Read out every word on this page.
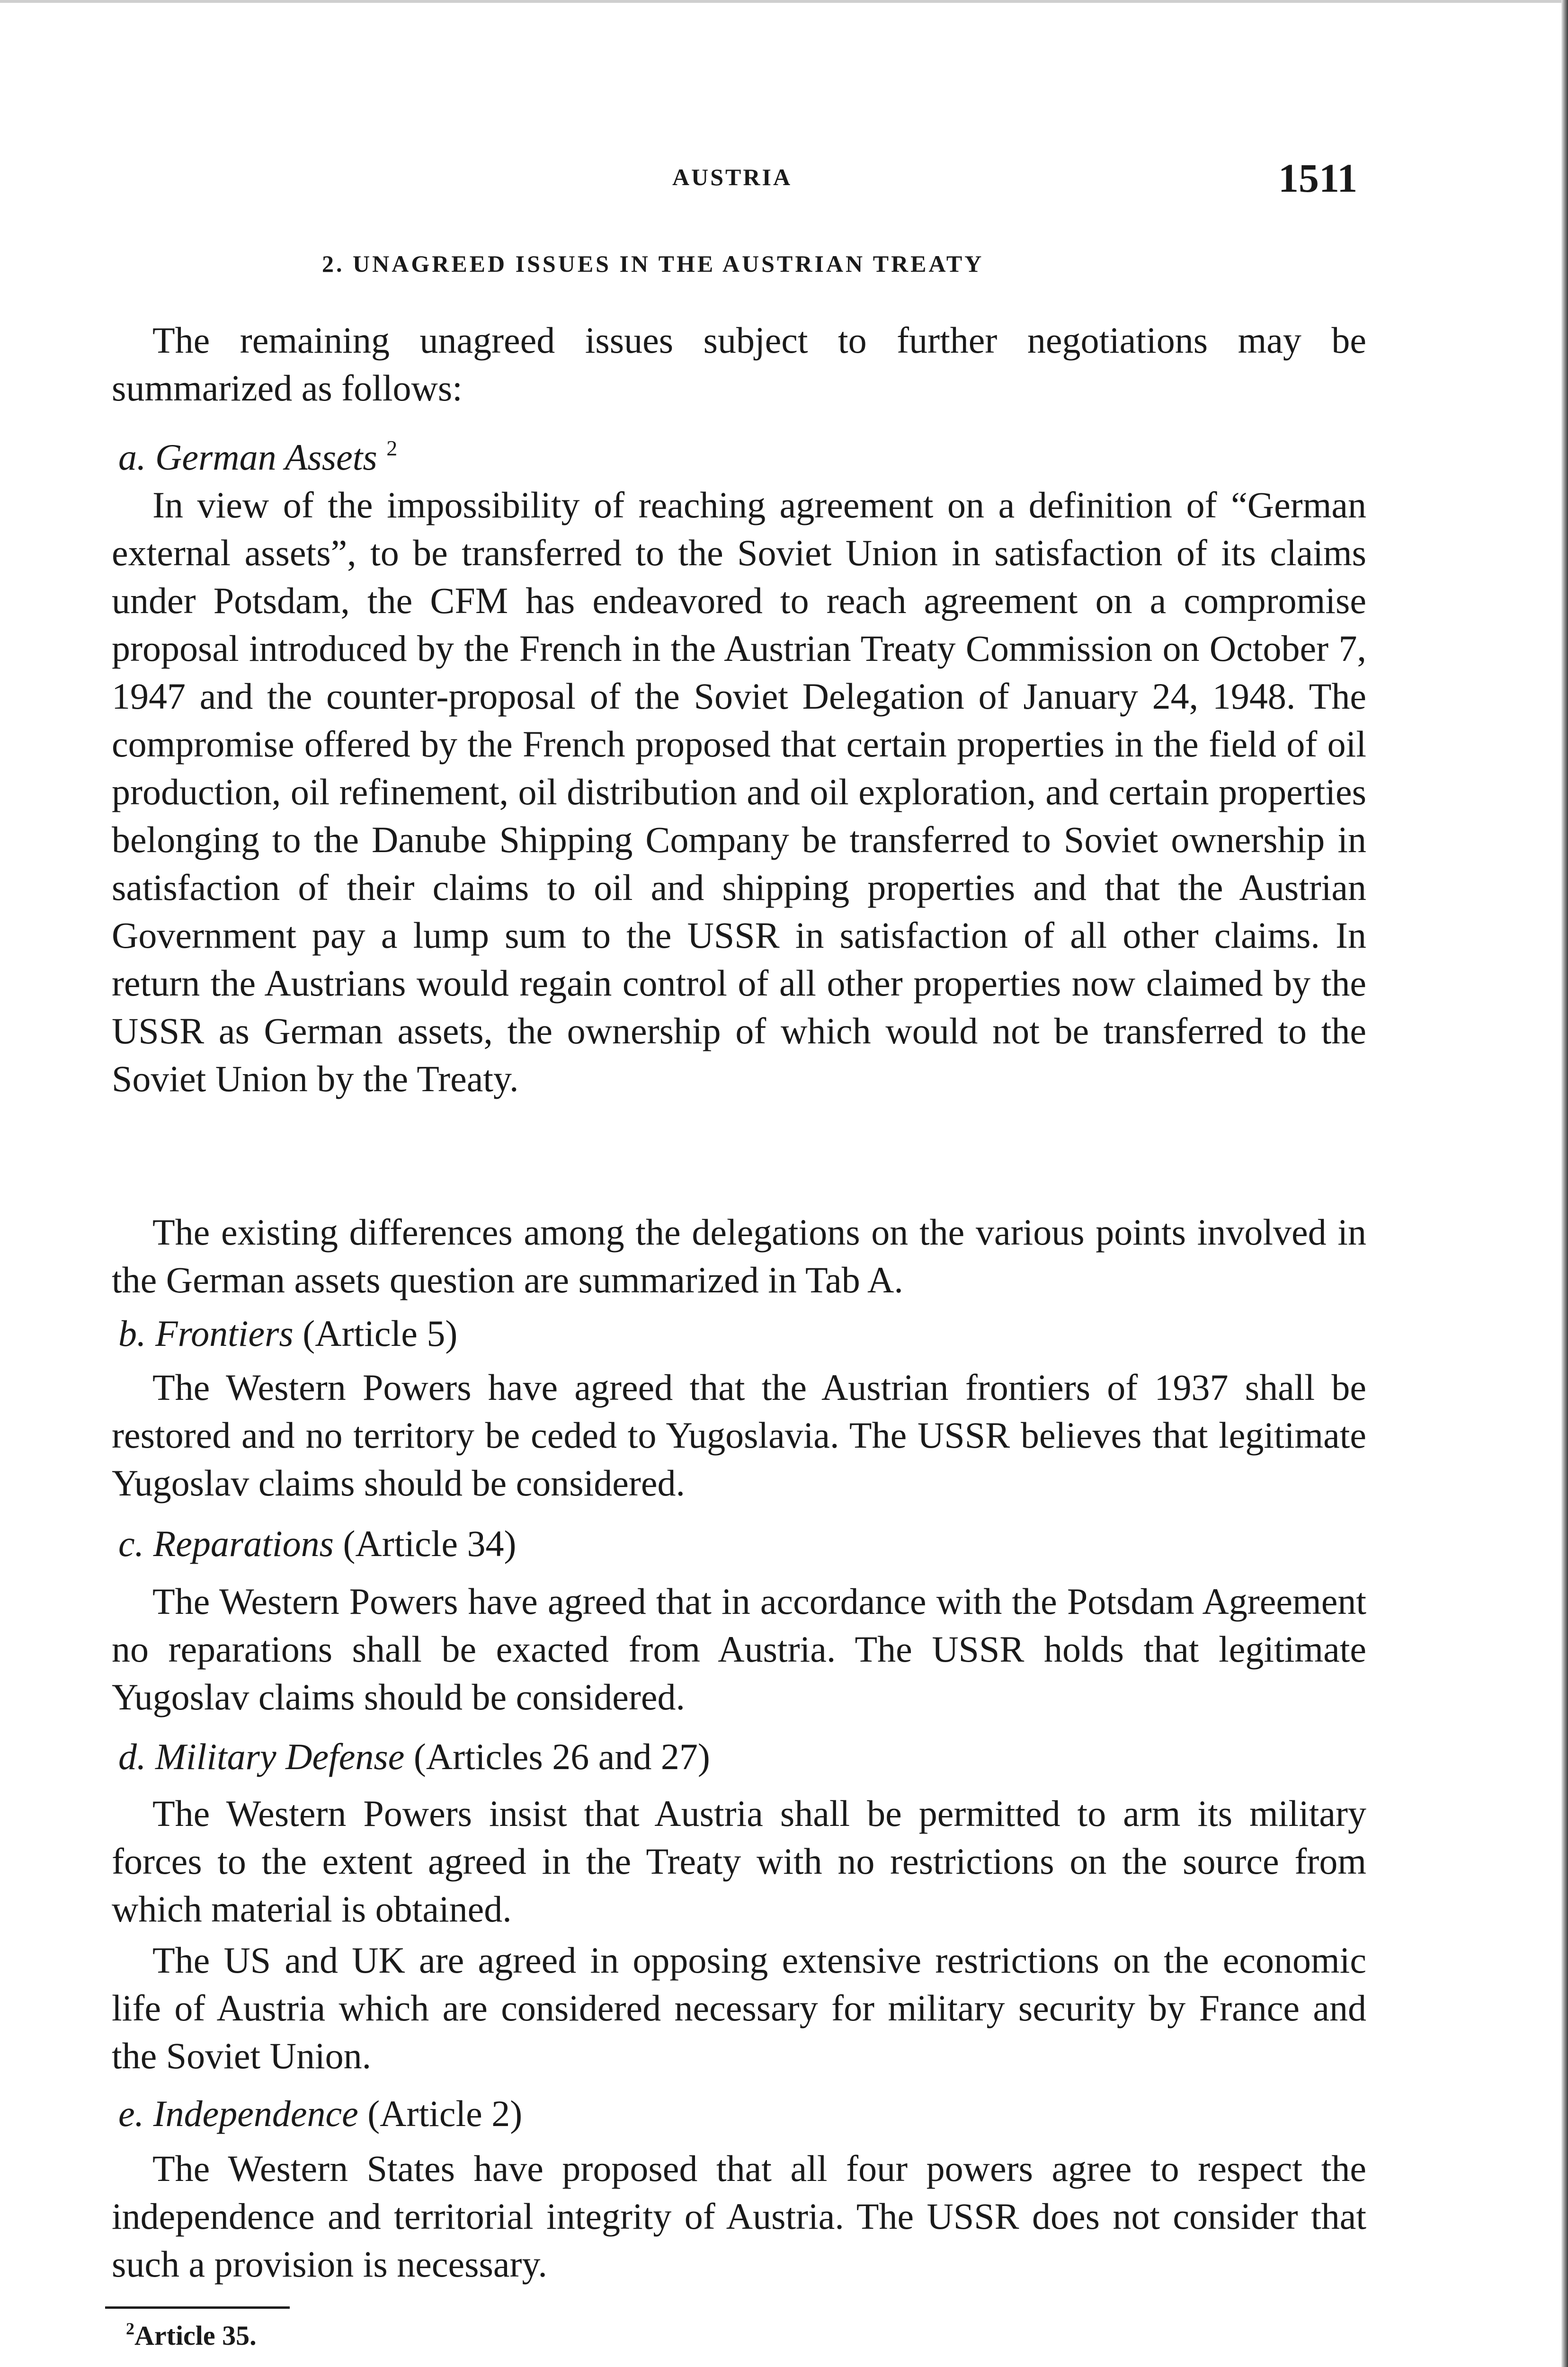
AUSTRIA	1511
2. UNAGREED ISSUES IN THE AUSTRIAN TREATY

The remaining unagreed issues subject to further negotiations may be summarized as follows:

a. German Assets $^2$

In view of the impossibility of reaching agreement on a definition of “German external assets”, to be transferred to the Soviet Union in satisfaction of its claims under Potsdam, the CFM has endeavored to reach agreement on a compromise proposal introduced by the French in the Austrian Treaty Commission on October 7, 1947 and the counter-proposal of the Soviet Delegation of January 24, 1948. The compromise offered by the French proposed that certain properties in the field of oil production, oil refinement, oil distribution and oil exploration, and certain properties belonging to the Danube Shipping Company be transferred to Soviet ownership in satisfaction of their claims to oil and shipping properties and that the Austrian Government pay a lump sum to the USSR in satisfaction of all other claims. In return the Austrians would regain control of all other properties now claimed by the USSR as German assets, the ownership of which would not be transferred to the Soviet Union by the Treaty.

The existing differences among the delegations on the various points involved in the German assets question are summarized in Tab A.

b. Frontiers (Article 5)

The Western Powers have agreed that the Austrian frontiers of 1937 shall be restored and no territory be ceded to Yugoslavia. The USSR believes that legitimate Yugoslav claims should be considered.

c. Reparations (Article 34)

The Western Powers have agreed that in accordance with the Potsdam Agreement no reparations shall be exacted from Austria. The USSR holds that legitimate Yugoslav claims should be considered.

d. Military Defense (Articles 26 and 27)

The Western Powers insist that Austria shall be permitted to arm its military forces to the extent agreed in the Treaty with no restrictions on the source from which material is obtained.

The US and UK are agreed in opposing extensive restrictions on the economic life of Austria which are considered necessary for military security by France and the Soviet Union.

e. Independence (Article 2)

The Western States have proposed that all four powers agree to respect the independence and territorial integrity of Austria. The USSR does not consider that such a provision is necessary.

$^2$Article 35.
